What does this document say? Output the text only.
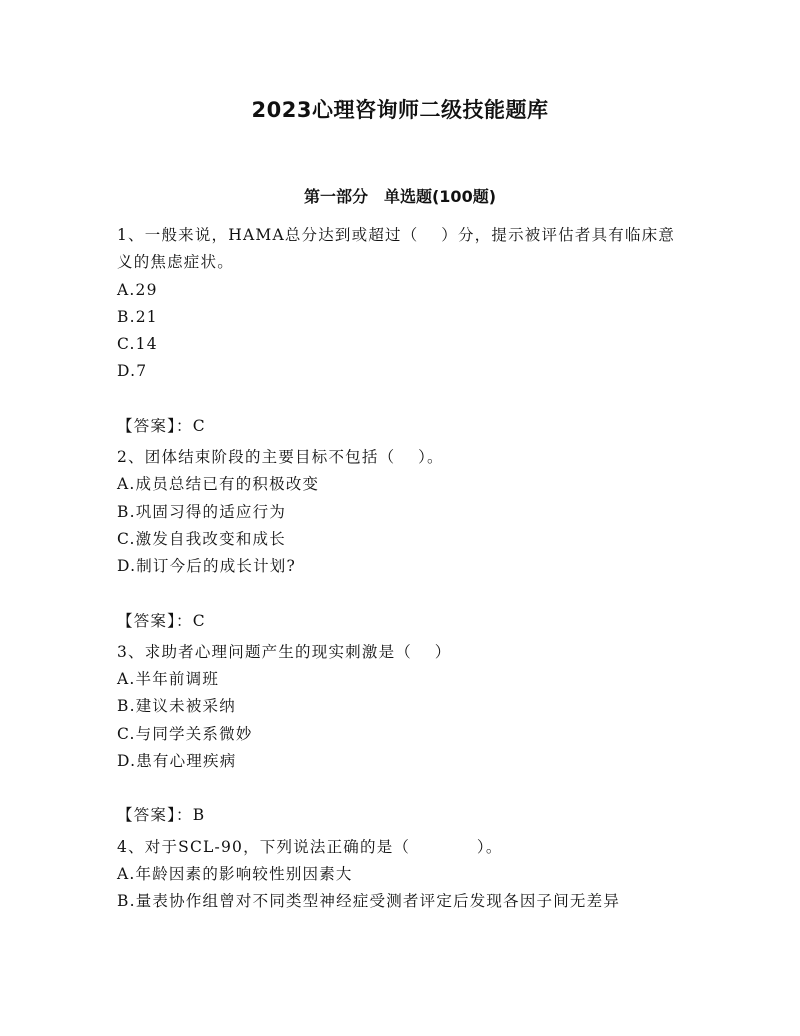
2023心理咨询师二级技能题库
第一部分　单选题(100题)

1、一般来说，HAMA总分达到或超过（　 ）分，提示被评估者具有临床意义的焦虑症状。

A.29

B.21

C.14

D.7

【答案】：C

2、团体结束阶段的主要目标不包括（　 ）。

A.成员总结已有的积极改变

B.巩固习得的适应行为

C.激发自我改变和成长

D.制订今后的成长计划?

【答案】：C

3、求助者心理问题产生的现实刺激是（　 ）

A.半年前调班

B.建议未被采纳

C.与同学关系微妙

D.患有心理疾病

【答案】：B

4、对于SCL-90，下列说法正确的是（　　　　）。

A.年龄因素的影响较性别因素大

B.量表协作组曾对不同类型神经症受测者评定后发现各因子间无差异
